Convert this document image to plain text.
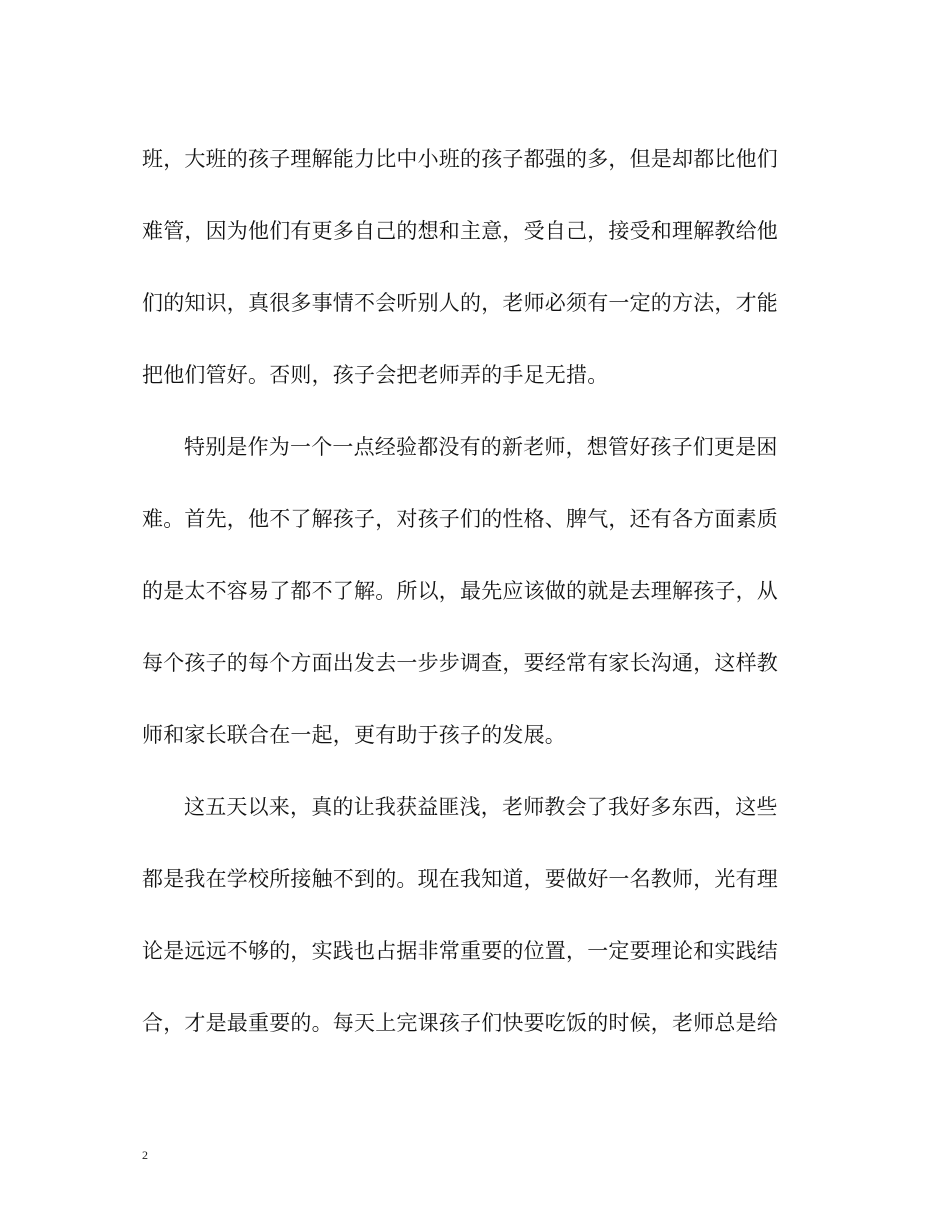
班，大班的孩子理解能力比中小班的孩子都强的多，但是却都比他们
难管，因为他们有更多自己的想和主意，受自己，接受和理解教给他
们的知识，真很多事情不会听别人的，老师必须有一定的方法，才能
把他们管好。否则，孩子会把老师弄的手足无措。
特别是作为一个一点经验都没有的新老师，想管好孩子们更是困
难。首先，他不了解孩子，对孩子们的性格、脾气，还有各方面素质
的是太不容易了都不了解。所以，最先应该做的就是去理解孩子，从
每个孩子的每个方面出发去一步步调查，要经常有家长沟通，这样教
师和家长联合在一起，更有助于孩子的发展。
这五天以来，真的让我获益匪浅，老师教会了我好多东西，这些
都是我在学校所接触不到的。现在我知道，要做好一名教师，光有理
论是远远不够的，实践也占据非常重要的位置，一定要理论和实践结
合，才是最重要的。每天上完课孩子们快要吃饭的时候，老师总是给
2
